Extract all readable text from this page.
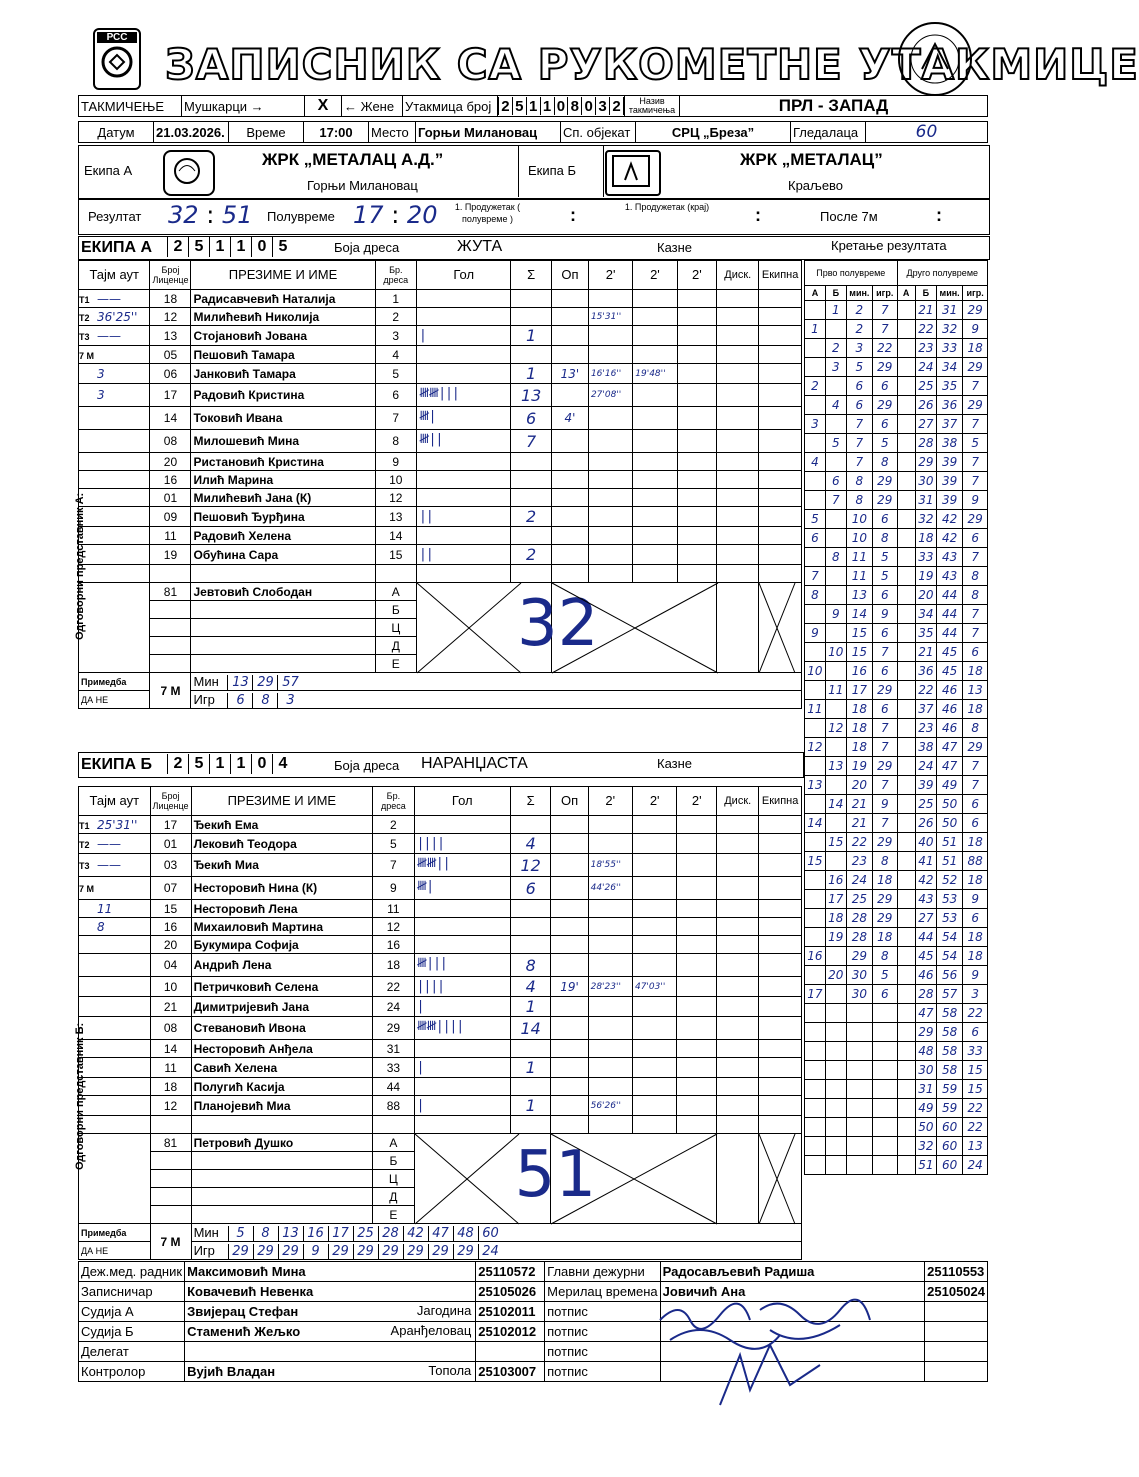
РСС
ЗАПИСНИК СА РУКОМЕТНЕ УТАКМИЦЕ
ТАКМИЧЕЊЕ	Мушкарци →	X	← Жене	Утакмица број	2	5	1	1	0	8	0	3	2
	Назив такмичења	ПРЛ - ЗАПАД
Датум	21.03.2026.	Време	17:00	Место	Горњи Милановац	Сп. објекат	СРЦ „Бреза”	Гледалаца	60
Екипа А
ЖРК „МЕТАЛАЦ А.Д.”
Горњи Милановац
Екипа Б
ЖРК „МЕТАЛАЦ”
Краљево
Резултат 32 : 51 Полувреме 17 : 20	1. Продужетак ( полувреме )	:	1. Продужетак (крај)	:	После 7м	:
ЕКИПА А	2 5 1 1 0 5	Боја дреса	ЖУТА	Казне	Кретање резултата
Тајм аут	Број Лиценце	ПРЕЗИМЕ И ИМЕ	Бр. дреса	Гол	Σ	Оп	2'	2'	2'	Диск.	Екипна
T1 ——	18	Радисавчевић Наталија	1								
T2 36'25''	12	Милићевић Николија	2				15'31''				
T3 ——	13	Стојановић Јована	3	|	1						
7 M	05	Пешовић Тамара	4								
3	06	Јанковић Тамара	5		1	13'	16'16''	19'48''			
3	17	Радовић Кристина	6	𝍸𝍸|||	13		27'08''				
	14	Токовић Ивана	7	𝍸|	6	4'					
	08	Милошевић Мина	8	𝍸||	7						
	20	Ристановић Кристина	9								
	16	Илић Марина	10								
	01	Милићевић Јана (К)	12								
	09	Пешовић Ђурђина	13	||	2						
	11	Радовић Хелена	14								
	19	Обућина Сара	15	||	2						

	81	Јевтовић Слободан	А	32

			Б								
			Ц								
			Д								
			Е								
Примедба	7 М	Мин 13 29 57									
ДА НЕ		Игр 6 8 3									
ЕКИПА Б	2 5 1 1 0 4	Боја дреса НАРАНЏАСТА	Казне
Тајм аут	Број Лиценце	ПРЕЗИМЕ И ИМЕ	Бр. дреса	Гол	Σ	Оп	2'	2'	2'	Диск.	Екипна
T1 25'31''	17	Ђекић Ема	2								
T2 ——	01	Лековић Теодора	5	||||	4						
T3 ——	03	Ђекић Миа	7	𝍸𝍸||	12		18'55''				
7 M	07	Несторовић Нина (К)	9	𝍸|	6		44'26''				
11	15	Несторовић Лена	11								
8	16	Михаиловић Мартина	12								
	20	Букумира Софија	16								
	04	Андрић Лена	18	𝍸|||	8						
	10	Петричковић Селена	22	||||	4	19'	28'23''	47'03''			
	21	Димитријевић Јана	24	|	1						
	08	Стевановић Ивона	29	𝍸𝍸||||	14						
	14	Несторовић Анђела	31								
	11	Савић Хелена	33	|	1						
	18	Полугић Касија	44								
	12	Планојевић Миа	88	|	1		56'26''				

	81	Петровић Душко	А	51

			Б								
			Ц								
			Д								
			Е								
Примедба	7 М	Мин 5 8 13 16 17 25 28 42 47 48 60									
ДА НЕ		Игр 29 29 29 9 29 29 29 29 29 29 24									
Прво полувреме				Друго полувреме			
А	Б	мин.	игр.	А	Б	мин.	игр.
	1	2	7		21	31	29
1		2	7		22	32	9
	2	3	22		23	33	18
	3	5	29		24	34	29
2		6	6		25	35	7
	4	6	29		26	36	29
3		7	6		27	37	7
	5	7	5		28	38	5
4		7	8		29	39	7
	6	8	29		30	39	7
	7	8	29		31	39	9
5		10	6		32	42	29
6		10	8		18	42	6
	8	11	5		33	43	7
7		11	5		19	43	8
8		13	6		20	44	8
	9	14	9		34	44	7
9		15	6		35	44	7
	10	15	7		21	45	6
10		16	6		36	45	18
	11	17	29		22	46	13
11		18	6		37	46	18
	12	18	7		23	46	8
12		18	7		38	47	29
	13	19	29		24	47	7
13		20	7		39	49	7
	14	21	9		25	50	6
14		21	7		26	50	6
	15	22	29		40	51	18
15		23	8		41	51	88
	16	24	18		42	52	18
	17	25	29		43	53	9
	18	28	29		27	53	6
	19	28	18		44	54	18
16		29	8		45	54	18
	20	30	5		46	56	9
17		30	6		28	57	3
					47	58	22
					29	58	6
					48	58	33
					30	58	15
					31	59	15
					49	59	22
					50	60	22
					32	60	13
					51	60	24
Деж.мед. радник	Максимовић Мина	25110572	Главни дежурни	Радосављевић Радиша	25110553
Записничар	Ковачевић Невенка	25105026	Мерилац времена	Јовичић Ана	25105024
Судија А	Звијерац Стефан Јагодина	25102011	потпис		
Судија Б	Стаменић Жељко Аранђеловац	25102012	потпис		
Делегат			потпис		
Контролор	Вујић Владан Топола	25103007	потпис		
Одговорни представник А:
Одговорни представник Б:
